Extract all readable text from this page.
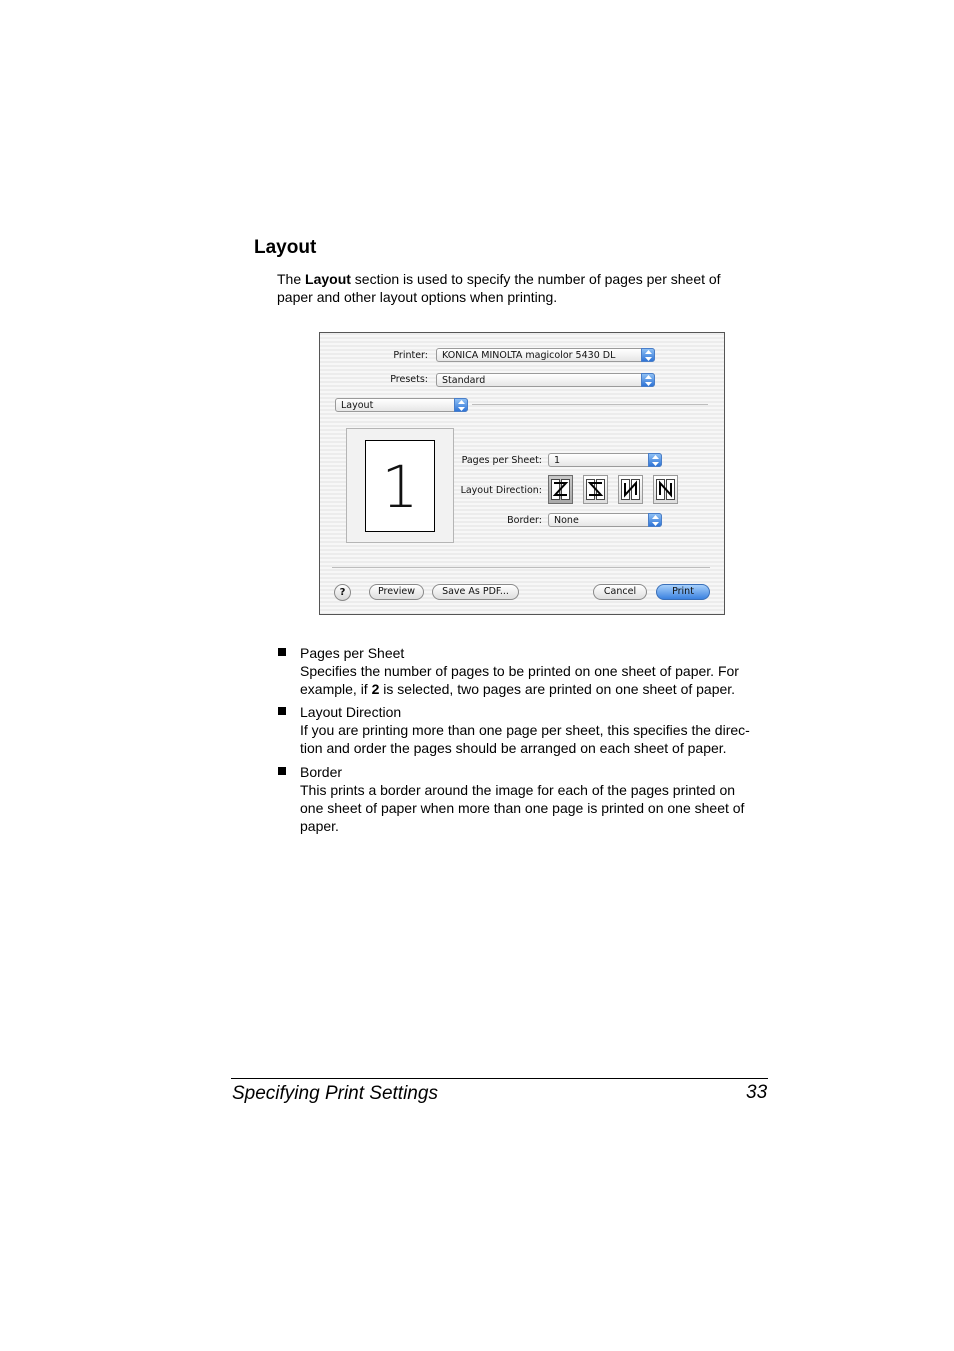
Layout
The Layout section is used to specify the number of pages per sheet of paper and other layout options when printing.
Printer: KONICA MINOLTA magicolor 5430 DL
Presets: Standard
Layout
1	Pages per Sheet: 1
Layout Direction:
Border: None
?	Preview	Save As PDF...	Cancel	Print
Pages per Sheet
Specifies the number of pages to be printed on one sheet of paper. For example, if 2 is selected, two pages are printed on one sheet of paper.
Layout Direction
If you are printing more than one page per sheet, this specifies the direc-tion and order the pages should be arranged on each sheet of paper.
Border
This prints a border around the image for each of the pages printed on one sheet of paper when more than one page is printed on one sheet of paper.
Specifying Print Settings	33
